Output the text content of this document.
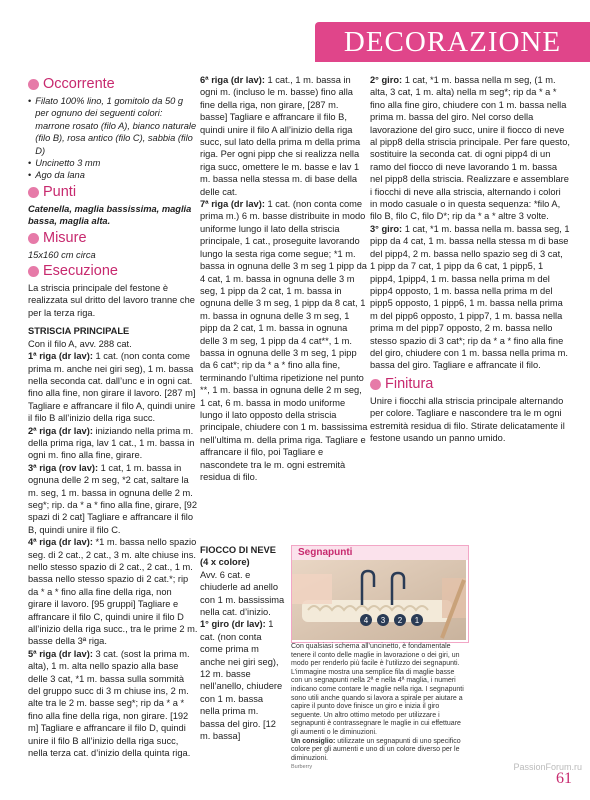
DECORAZIONE
Occorrente
• Filato 100% lino, 1 gomitolo da 50 g per ognuno dei seguenti colori: marrone rosato (filo A), bianco naturale (filo B), rosa antico (filo C), sabbia (filo D)
• Uncinetto 3 mm
• Ago da lana
Punti

Catenella, maglia bassissima, maglia bassa, maglia alta.

Misure

15x160 cm circa

Esecuzione

La striscia principale del festone è realizzata sul dritto del lavoro tranne che per la terza riga.

STRISCIA PRINCIPALE

Con il filo A, avv. 288 cat.

1ª riga (dr lav): 1 cat. (non conta come prima m. anche nei giri seg), 1 m. bassa nella seconda cat. dall’unc e in ogni cat. fino alla fine, non girare il lavoro. [287 m] Tagliare e affrancare il filo A, quindi unire il filo B all’inizio della riga succ.

2ª riga (dr lav): iniziando nella prima m. della prima riga, lav 1 cat., 1 m. bassa in ogni m. fino alla fine, girare.

3ª riga (rov lav): 1 cat, 1 m. bassa in ognuna delle 2 m seg, *2 cat, saltare la m. seg, 1 m. bassa in ognuna delle 2 m. seg*; rip. da * a * fino alla fine, girare, [92 spazi di 2 cat] Tagliare e affrancare il filo B, quindi unire il filo C.

4ª riga (dr lav): *1 m. bassa nello spazio seg. di 2 cat., 2 cat., 3 m. alte chiuse ins. nello stesso spazio di 2 cat., 2 cat., 1 m. bassa nello stesso spazio di 2 cat.*; rip da * a * fino alla fine della riga, non girare il lavoro. [95 gruppi] Tagliare e affrancare il filo C, quindi unire il filo D all’inizio della riga succ., tra le prime 2 m. basse della 3ª riga.

5ª riga (dr lav): 3 cat. (sost la prima m. alta), 1 m. alta nello spazio alla base delle 3 cat, *1 m. bassa sulla sommità del gruppo succ di 3 m chiuse ins, 2 m. alte tra le 2 m. basse seg*; rip da * a * fino alla fine della riga, non girare. [192 m] Tagliare e affrancare il filo D, quindi unire il filo B all’inizio della riga succ, nella terza cat. d’inizio della quinta riga.

6ª riga (dr lav): 1 cat., 1 m. bassa in ogni m. (incluso le m. basse) fino alla fine della riga, non girare, [287 m. basse] Tagliare e affrancare il filo B, quindi unire il filo A all’inizio della riga succ, sul lato della prima m della prima riga. Per ogni pipp che si realizza nella riga succ, omettere le m. basse e lav 1 m. bassa nella stessa m. di base della delle cat.

7ª riga (dr lav): 1 cat. (non conta come prima m.) 6 m. basse distribuite in modo uniforme lungo il lato della striscia principale, 1 cat., proseguite lavorando lungo la sesta riga come segue; *1 m. bassa in ognuna delle 3 m seg 1 pipp da 4 cat, 1 m. bassa in ognuna delle 3 m seg, 1 pipp da 2 cat, 1 m. bassa in ognuna delle 3 m seg, 1 pipp da 8 cat, 1 m. bassa in ognuna delle 3 m seg, 1 pipp da 2 cat, 1 m. bassa in ognuna delle 3 m seg, 1 pipp da 4 cat**, 1 m. bassa in ognuna delle 3 m seg, 1 pipp da 6 cat*; rip da * a * fino alla fine, terminando l’ultima ripetizione nel punto **, 1 m. bassa in ognuna delle 2 m seg, 1 cat, 6 m. bassa in modo uniforme lungo il lato opposto della striscia principale, chiudere con 1 m. bassissima nell’ultima m. della prima riga. Tagliare e affrancare il filo, poi Tagliare e nascondete tra le m. ogni estremità residua di filo.

FIOCCO DI NEVE

(4 x colore)

Avv. 6 cat. e chiuderle ad anello con 1 m. bassissima nella cat. d’inizio.

1° giro (dr lav): 1 cat. (non conta come prima m anche nei giri seg), 12 m. basse nell’anello, chiudere con 1 m. bassa nella prima m. bassa del giro. [12 m. bassa]

2° giro: 1 cat, *1 m. bassa nella m seg, (1 m. alta, 3 cat, 1 m. alta) nella m seg*; rip da * a * fino alla fine giro, chiudere con 1 m. bassa nella prima m. bassa del giro. Nel corso della lavorazione del giro succ, unire il fiocco di neve al pipp8 della striscia principale. Per fare questo, sostituire la seconda cat. di ogni pipp4 di un ramo del fiocco di neve lavorando 1 m. bassa nel pipp8 della striscia. Realizzare e assemblare i fiocchi di neve alla striscia, alternando i colori in modo casuale o in questa sequenza: *filo A, filo B, filo C, filo D*; rip da * a * altre 3 volte.

3° giro: 1 cat, *1 m. bassa nella m. bassa seg, 1 pipp da 4 cat, 1 m. bassa nella stessa m di base del pipp4, 2 m. bassa nello spazio seg di 3 cat, 1 pipp da 7 cat, 1 pipp da 6 cat, 1 pipp5, 1 pipp4, 1pipp4, 1 m. bassa nella prima m del pipp4 opposto, 1 m. bassa nella prima m del pipp5 opposto, 1 pipp6, 1 m. bassa nella prima m del pipp6 opposto, 1 pipp7, 1 m. bassa nella prima m del pipp7 opposto, 2 m. bassa nello stesso spazio di 3 cat*; rip da * a * fino alla fine del giro, chiudere con 1 m. bassa nella prima m. bassa del giro. Tagliare e affrancate il filo.

Finitura

Unire i fiocchi alla striscia principale alternando per colore. Tagliare e nascondere tra le m ogni estremità residua di filo. Stirate delicatamente il festone usando un panno umido.

Segnapunti
4 3 2 1

Con qualsiasi schema all’uncinetto, è fondamentale tenere il conto delle maglie in lavorazione o dei giri, un modo per renderlo più facile è l’utilizzo dei segnapunti. L’immagine mostra una semplice fila di maglie basse con un segnapunti nella 2ª e nella 4ª maglia, i numeri indicano come contare le maglie nella riga. I segnapunti sono utili anche quando si lavora a spirale per aiutare a capire il punto dove finisce un giro e inizia il giro seguente. Un altro ottimo metodo per utilizzare i segnapunti è contrassegnare le maglie in cui effettuare gli aumenti o le diminuzioni.

Un consiglio: utilizzate un segnapunti di uno specifico colore per gli aumenti e uno di un colore diverso per le diminuzioni.

Burberry	PassionForum.ru
61
